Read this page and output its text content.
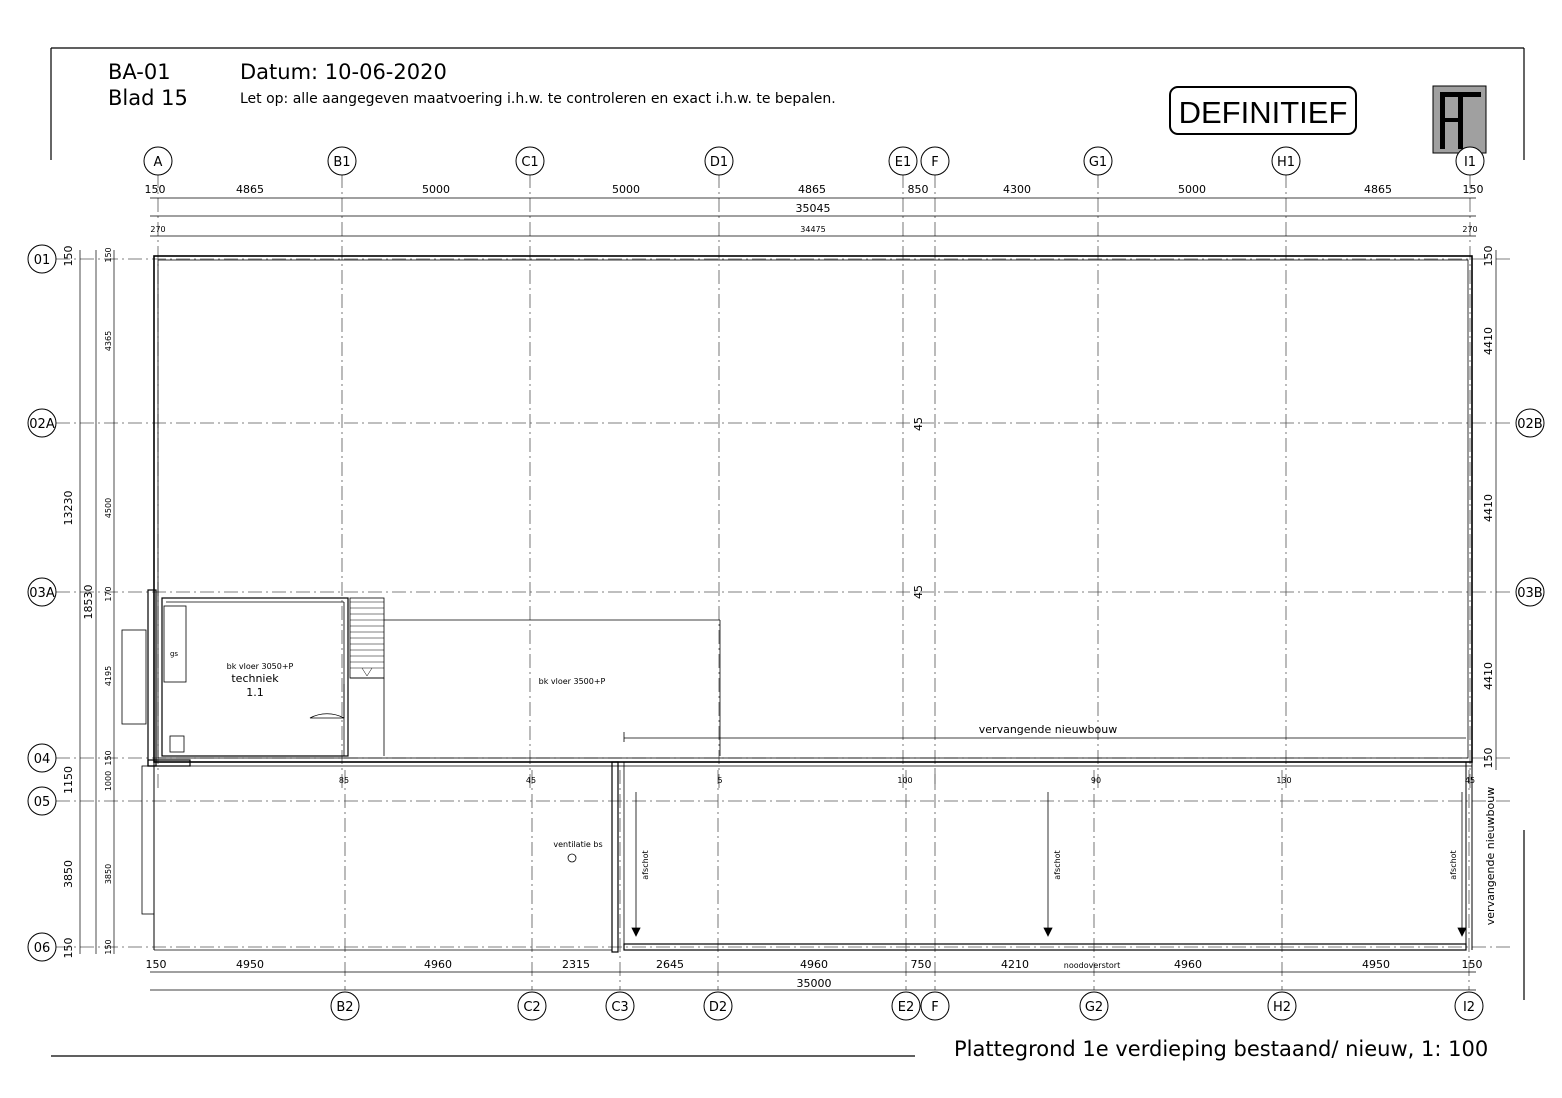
BA-01
Blad 15
Datum: 10-06-2020
Let op: alle aangegeven maatvoering i.h.w. te controleren en exact i.h.w. te bepalen.	DEFINITIEF
Plattegrond 1e verdieping bestaand/ nieuw, 1: 100
A	B1	C1	D1	E1 F	G1	H1	I1
B2	C2	C3	D2	E2 F	G2	H2	I2
01
02A
03A
04
05
06
02B
03B
150	4865	5000	5000	4865	850	4300	5000	4865	150
35045
270	34475	270
150	4950	4960	2315	2645	4960	750	4210	4960	4950	150
35000
150
13230
1150
3850
150
18530
150
4365
4500
170
4195
150
1000
3850
150
150
4410
4410
4410
150
85	45	5	100	90	130	45
bk vloer 3050+P
techniek
1.1
bk vloer 3500+P
vervangende nieuwbouw
ventilatie bs
noodoverstort
gs
afschot	afschot	afschot vervangende nieuwbouw
45
45
